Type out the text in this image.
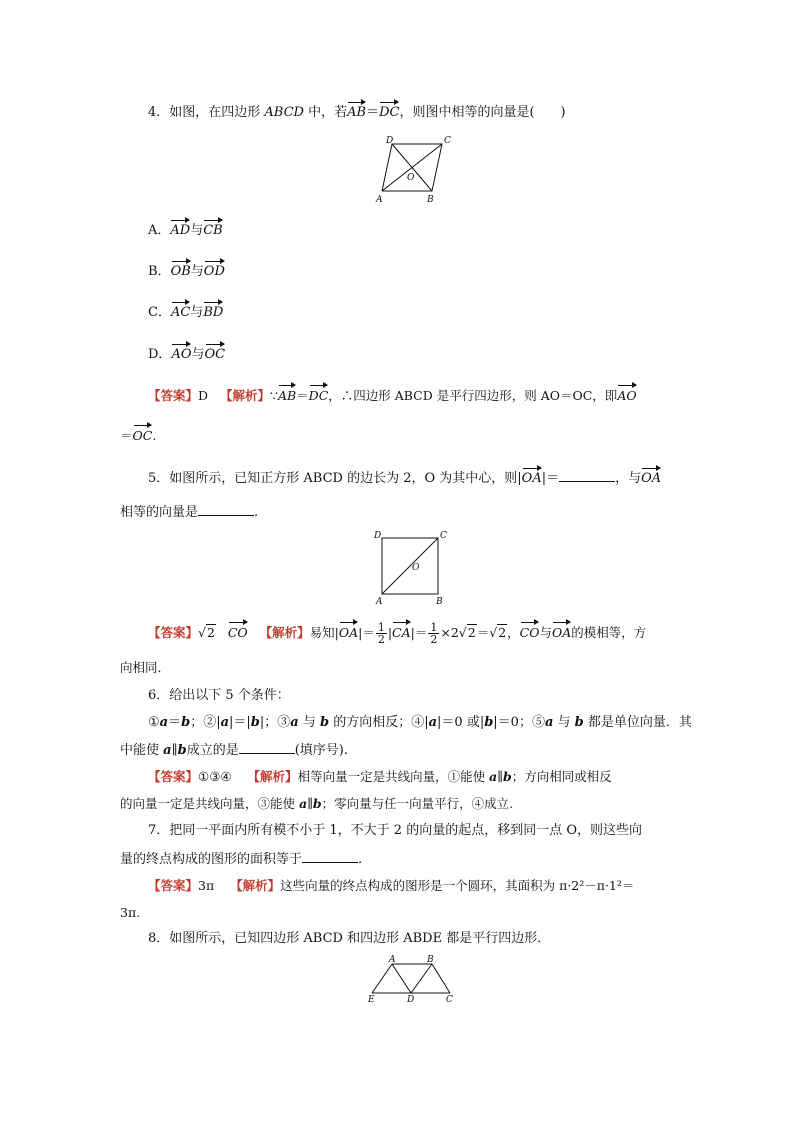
4．如图，在四边形 ABCD 中，若AB＝DC，则图中相等的向量是(　　)
D	C
O
A	B
A．AD与CB
B．OB与OD
C．AC与BD
D．AO与OC
【答案】D 【解析】∵AB＝DC，∴四边形 ABCD 是平行四边形，则 AO＝OC，即AO
＝OC.
5．如图所示，已知正方形 ABCD 的边长为 2，O 为其中心，则|OA|＝	，与OA
相等的向量是	.
D	C
O
A	B
【答案】√2 CO 【解析】易知$|OA|= \frac{1}{2} |CA|= \frac{1}{2} \times 2√2=√2$，CO与OA的模相等，方
向相同.
6．给出以下 5 个条件：
①a＝b；②|a|＝|b|；③a 与 b 的方向相反；④|a|＝0 或|b|＝0；⑤a 与 b 都是单位向量．其
中能使 a∥b成立的是	(填序号).
【答案】①③④ 【解析】相等向量一定是共线向量，①能使 a∥b；方向相同或相反
的向量一定是共线向量，③能使 a∥b；零向量与任一向量平行，④成立.
7．把同一平面内所有模不小于 1，不大于 2 的向量的起点，移到同一点 O，则这些向
量的终点构成的图形的面积等于	.
【答案】3π 【解析】这些向量的终点构成的图形是一个圆环，其面积为 π·2²－π·1²＝
3π.
8．如图所示，已知四边形 ABCD 和四边形 ABDE 都是平行四边形．
A	B
E	D	C
